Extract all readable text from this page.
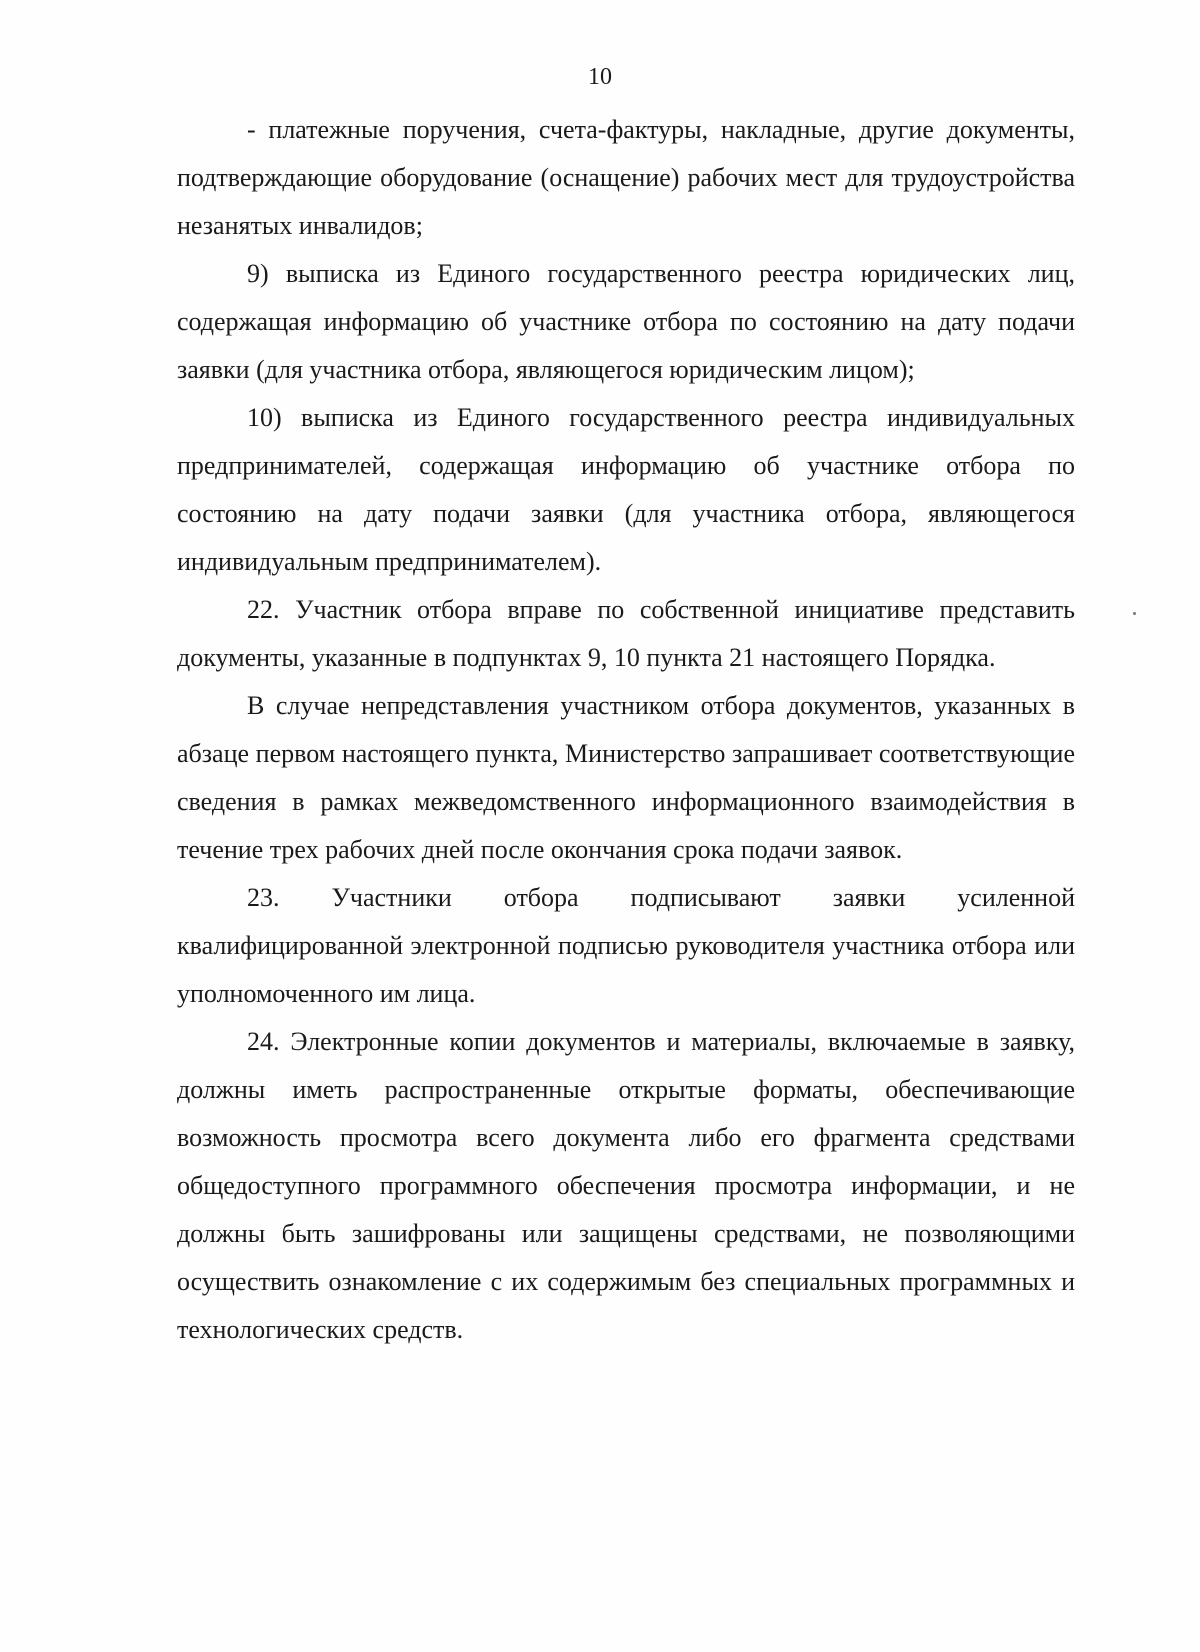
10

- платежные поручения, счета-фактуры, накладные, другие документы, подтверждающие оборудование (оснащение) рабочих мест для трудоустройства незанятых инвалидов;

9) выписка из Единого государственного реестра юридических лиц, содержащая информацию об участнике отбора по состоянию на дату подачи заявки (для участника отбора, являющегося юридическим лицом);

10) выписка из Единого государственного реестра индивидуальных предпринимателей, содержащая информацию об участнике отбора по состоянию на дату подачи заявки (для участника отбора, являющегося индивидуальным предпринимателем).

22. Участник отбора вправе по собственной инициативе представить документы, указанные в подпунктах 9, 10 пункта 21 настоящего Порядка.

В случае непредставления участником отбора документов, указанных в абзаце первом настоящего пункта, Министерство запрашивает соответствующие сведения в рамках межведомственного информационного взаимодействия в течение трех рабочих дней после окончания срока подачи заявок.

23. Участники отбора подписывают заявки усиленной квалифицированной электронной подписью руководителя участника отбора или уполномоченного им лица.

24. Электронные копии документов и материалы, включаемые в заявку, должны иметь распространенные открытые форматы, обеспечивающие возможность просмотра всего документа либо его фрагмента средствами общедоступного программного обеспечения просмотра информации, и не должны быть зашифрованы или защищены средствами, не позволяющими осуществить ознакомление с их содержимым без специальных программных и технологических средств.
